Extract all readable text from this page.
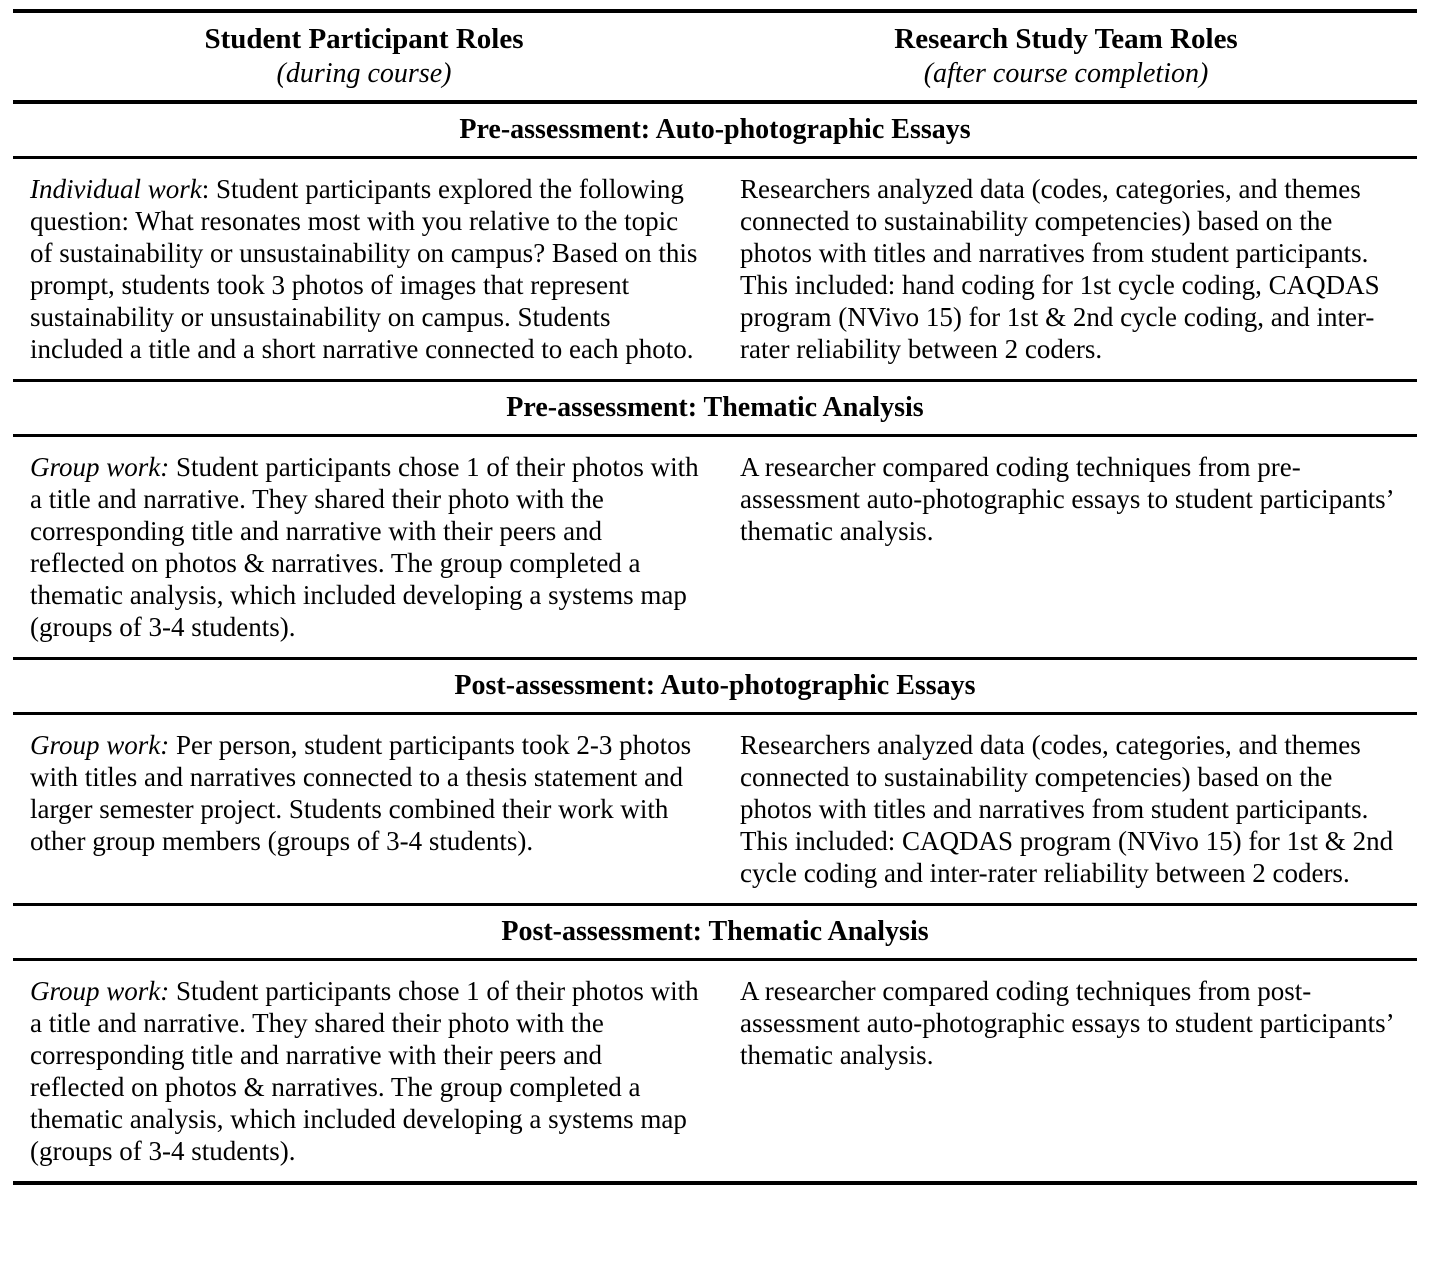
Student Participant Roles
(during course)

Research Study Team Roles
(after course completion)

Pre-assessment: Auto-photographic Essays	
Individual work: Student participants explored the following question: What resonates most with you relative to the topic of sustainability or unsustainability on campus? Based on this prompt, students took 3 photos of images that represent sustainability or unsustainability on campus. Students included a title and a short narrative connected to each photo.	Researchers analyzed data (codes, categories, and themes connected to sustainability competencies) based on the photos with titles and narratives from student participants. This included: hand coding for 1st cycle coding, CAQDAS program (NVivo 15) for 1st & 2nd cycle coding, and inter-rater reliability between 2 coders.
Pre-assessment: Thematic Analysis	
Group work: Student participants chose 1 of their photos with a title and narrative. They shared their photo with the corresponding title and narrative with their peers and reflected on photos & narratives. The group completed a thematic analysis, which included developing a systems map (groups of 3-4 students).	A researcher compared coding techniques from pre-assessment auto-photographic essays to student participants’ thematic analysis.
Post-assessment: Auto-photographic Essays	
Group work: Per person, student participants took 2-3 photos with titles and narratives connected to a thesis statement and larger semester project. Students combined their work with other group members (groups of 3-4 students).	Researchers analyzed data (codes, categories, and themes connected to sustainability competencies) based on the photos with titles and narratives from student participants. This included: CAQDAS program (NVivo 15) for 1st & 2nd cycle coding and inter-rater reliability between 2 coders.
Post-assessment: Thematic Analysis	
Group work: Student participants chose 1 of their photos with a title and narrative. They shared their photo with the corresponding title and narrative with their peers and reflected on photos & narratives. The group completed a thematic analysis, which included developing a systems map (groups of 3-4 students).	A researcher compared coding techniques from post-assessment auto-photographic essays to student participants’ thematic analysis.
